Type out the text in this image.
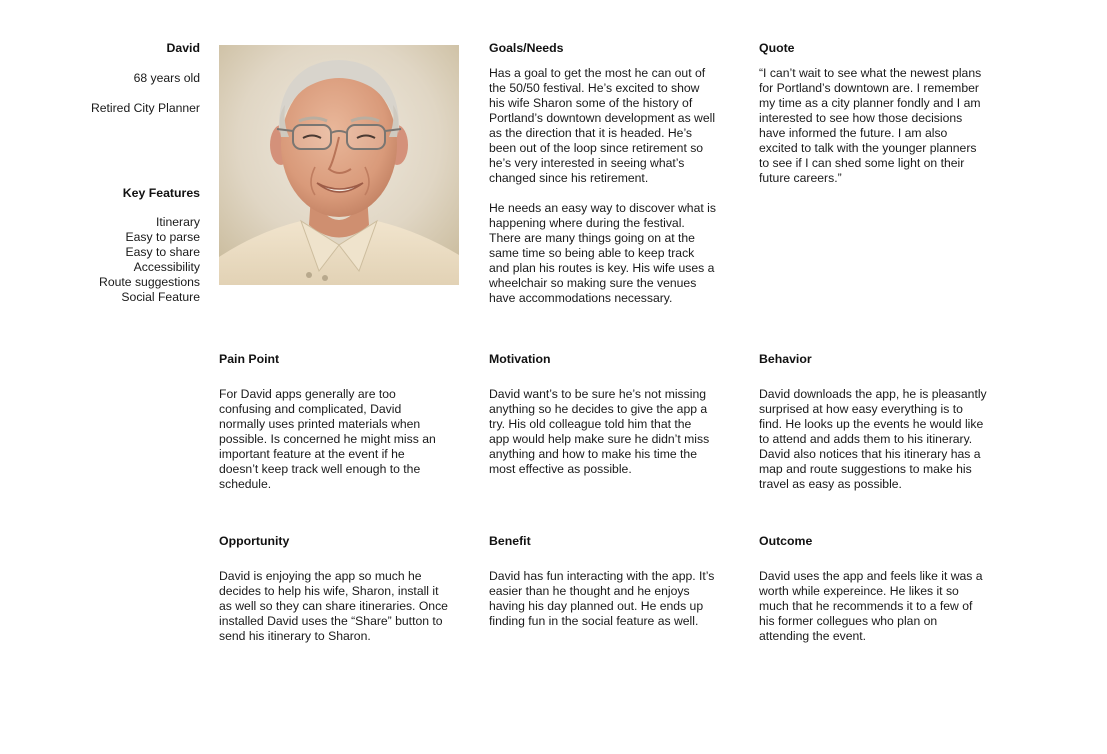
David
68 years old
Retired City Planner
Key Features
Itinerary
Easy to parse
Easy to share
Accessibility
Route suggestions
Social Feature
Goals/Needs
Has a goal to get the most he can out of
the 50/50 festival. He’s excited to show
his wife Sharon some of the history of
Portland’s downtown development as well
as the direction that it is headed. He’s
been out of the loop since retirement so
he’s very interested in seeing what’s
changed since his retirement.
He needs an easy way to discover what is
happening where during the festival.
There are many things going on at the
same time so being able to keep track
and plan his routes is key. His wife uses a
wheelchair so making sure the venues
have accommodations necessary.
Quote
“I can’t wait to see what the newest plans
for Portland’s downtown are. I remember
my time as a city planner fondly and I am
interested to see how those decisions
have informed the future. I am also
excited to talk with the younger planners
to see if I can shed some light on their
future careers.”
Pain Point
For David apps generally are too
confusing and complicated, David
normally uses printed materials when
possible. Is concerned he might miss an
important feature at the event if he
doesn’t keep track well enough to the
schedule.
Motivation
David want’s to be sure he’s not missing
anything so he decides to give the app a
try. His old colleague told him that the
app would help make sure he didn’t miss
anything and how to make his time the
most effective as possible.
Behavior
David downloads the app, he is pleasantly
surprised at how easy everything is to
find. He looks up the events he would like
to attend and adds them to his itinerary.
David also notices that his itinerary has a
map and route suggestions to make his
travel as easy as possible.
Opportunity
David is enjoying the app so much he
decides to help his wife, Sharon, install it
as well so they can share itineraries. Once
installed David uses the “Share” button to
send his itinerary to Sharon.
Benefit
David has fun interacting with the app. It’s
easier than he thought and he enjoys
having his day planned out. He ends up
finding fun in the social feature as well.
Outcome
David uses the app and feels like it was a
worth while expereince. He likes it so
much that he recommends it to a few of
his former collegues who plan on
attending the event.
